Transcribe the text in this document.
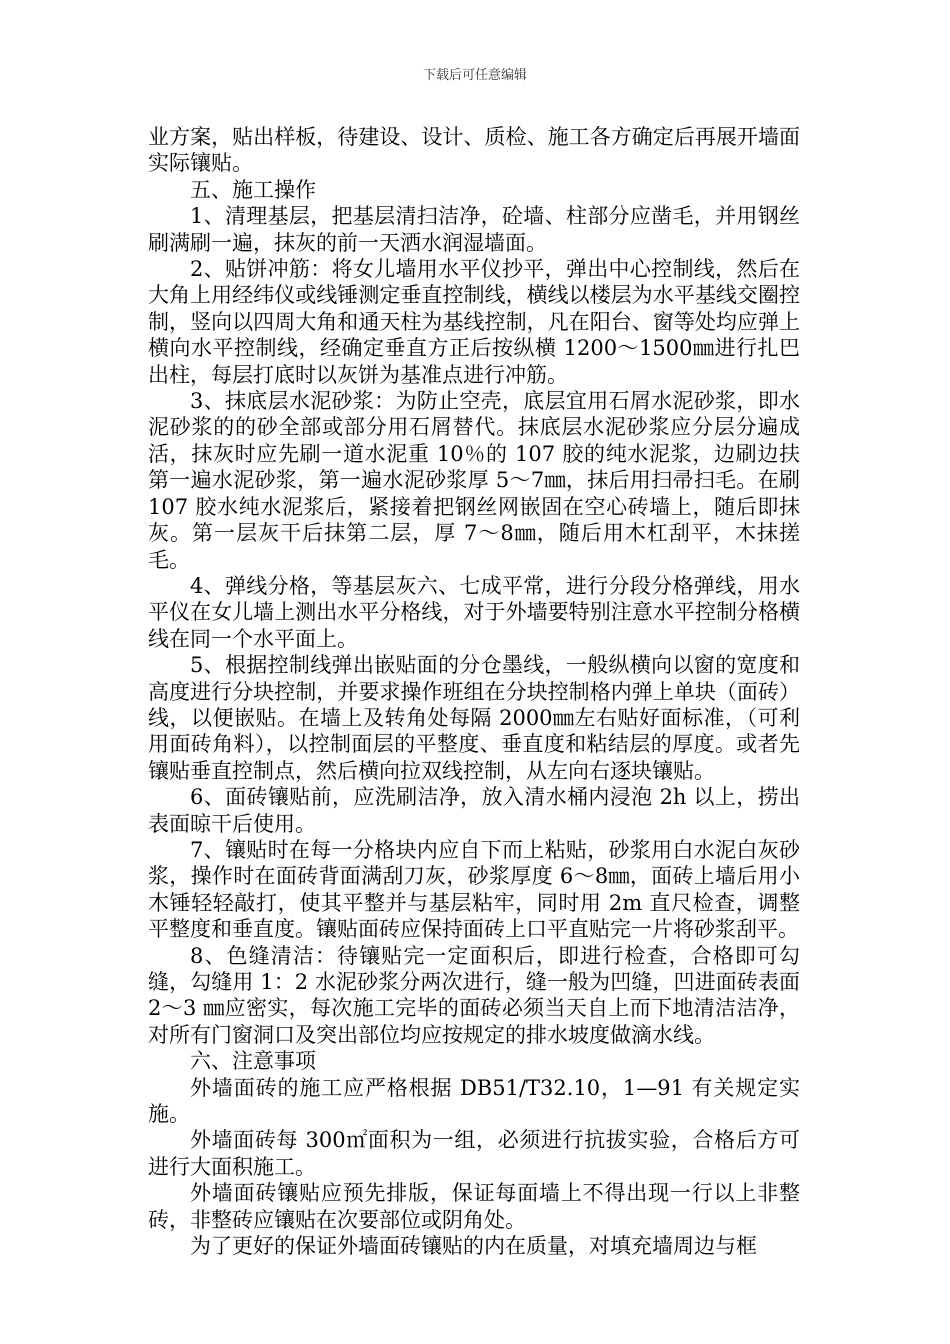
下载后可任意编辑

业方案，贴出样板，待建设、设计、质检、施工各方确定后再展开墙面实际镶贴。

五、施工操作

1、清理基层，把基层清扫洁净，砼墙、柱部分应凿毛，并用钢丝刷满刷一遍，抹灰的前一天洒水润湿墙面。

2、贴饼冲筋：将女儿墙用水平仪抄平，弹出中心控制线，然后在大角上用经纬仪或线锤测定垂直控制线，横线以楼层为水平基线交圈控制，竖向以四周大角和通天柱为基线控制，凡在阳台、窗等处均应弹上横向水平控制线，经确定垂直方正后按纵横 1200～1500㎜进行扎巴出柱，每层打底时以灰饼为基准点进行冲筋。

3、抹底层水泥砂浆：为防止空壳，底层宜用石屑水泥砂浆，即水泥砂浆的的砂全部或部分用石屑替代。抹底层水泥砂浆应分层分遍成活，抹灰时应先刷一道水泥重 10％的 107 胶的纯水泥浆，边刷边扶第一遍水泥砂浆，第一遍水泥砂浆厚 5～7㎜，抹后用扫帚扫毛。在刷 107 胶水纯水泥浆后，紧接着把钢丝网嵌固在空心砖墙上，随后即抹灰。第一层灰干后抹第二层，厚 7～8㎜，随后用木杠刮平，木抹搓毛。

4、弹线分格，等基层灰六、七成平常，进行分段分格弹线，用水平仪在女儿墙上测出水平分格线，对于外墙要特别注意水平控制分格横线在同一个水平面上。

5、根据控制线弹出嵌贴面的分仓墨线，一般纵横向以窗的宽度和高度进行分块控制，并要求操作班组在分块控制格内弹上单块（面砖）线，以便嵌贴。在墙上及转角处每隔 2000㎜左右贴好面标准，（可利用面砖角料），以控制面层的平整度、垂直度和粘结层的厚度。或者先镶贴垂直控制点，然后横向拉双线控制，从左向右逐块镶贴。

6、面砖镶贴前，应洗刷洁净，放入清水桶内浸泡 2h 以上，捞出表面晾干后使用。

7、镶贴时在每一分格块内应自下而上粘贴，砂浆用白水泥白灰砂浆，操作时在面砖背面满刮刀灰，砂浆厚度 6～8㎜，面砖上墙后用小木锤轻轻敲打，使其平整并与基层粘牢，同时用 2m 直尺检查，调整平整度和垂直度。镶贴面砖应保持面砖上口平直贴完一片将砂浆刮平。

8、色缝清洁：待镶贴完一定面积后，即进行检查，合格即可勾缝，勾缝用 1：2 水泥砂浆分两次进行，缝一般为凹缝，凹进面砖表面 2～3 ㎜应密实，每次施工完毕的面砖必须当天自上而下地清洁洁净，对所有门窗洞口及突出部位均应按规定的排水坡度做滴水线。

六、注意事项

外墙面砖的施工应严格根据 DB51/T32.10，1—91 有关规定实施。

外墙面砖每 300㎡面积为一组，必须进行抗拔实验，合格后方可进行大面积施工。

外墙面砖镶贴应预先排版，保证每面墙上不得出现一行以上非整砖，非整砖应镶贴在次要部位或阴角处。

为了更好的保证外墙面砖镶贴的内在质量，对填充墙周边与框
